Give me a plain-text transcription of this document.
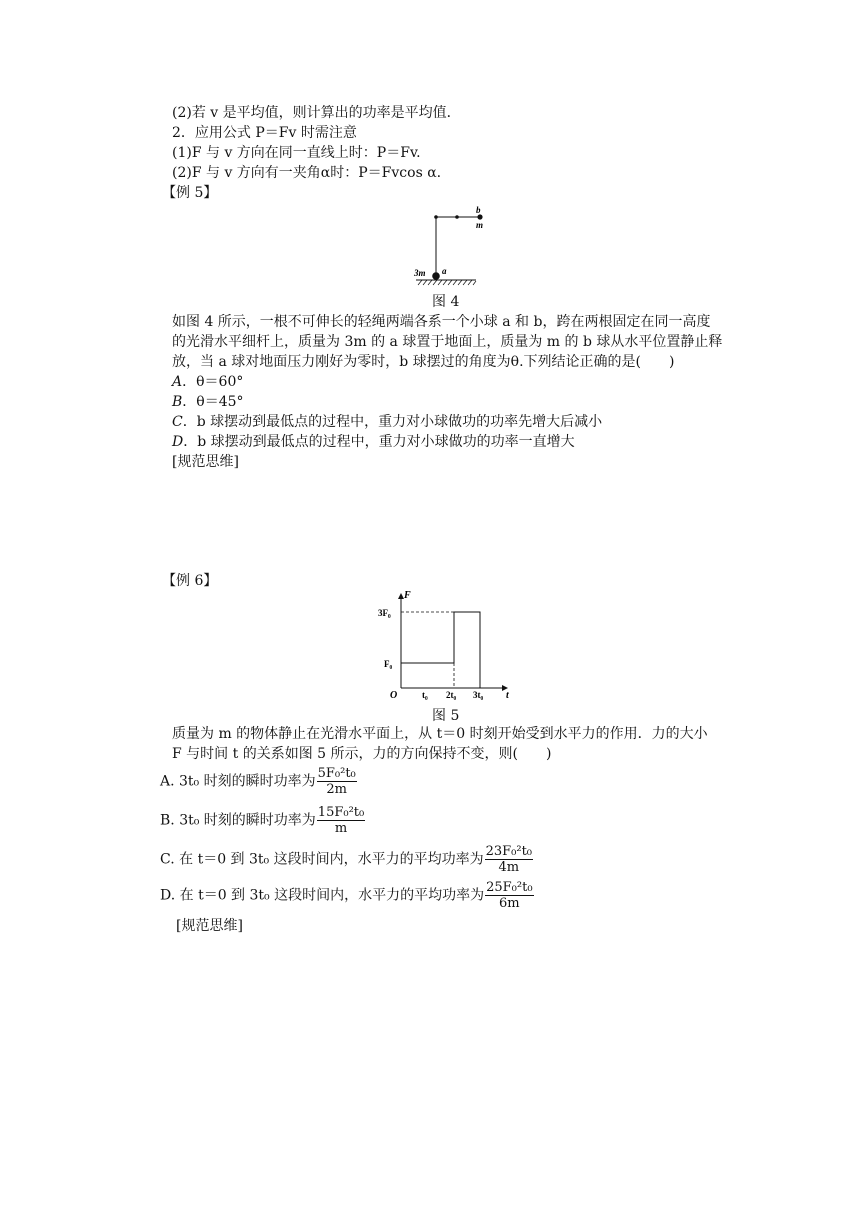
(2)若 v 是平均值，则计算出的功率是平均值．
2．应用公式 P＝Fv 时需注意
(1)F 与 v 方向在同一直线上时：P＝Fv.
(2)F 与 v 方向有一夹角α时：P＝Fvcos α.
【例 5】
b
m
3m a
图 4
如图 4 所示，一根不可伸长的轻绳两端各系一个小球 a 和 b，跨在两根固定在同一高度
的光滑水平细杆上，质量为 3m 的 a 球置于地面上，质量为 m 的 b 球从水平位置静止释
放，当 a 球对地面压力刚好为零时，b 球摆过的角度为θ.下列结论正确的是(　　)
A．θ＝60°
B．θ＝45°
C．b 球摆动到最低点的过程中，重力对小球做功的功率先增大后减小
D．b 球摆动到最低点的过程中，重力对小球做功的功率一直增大
[规范思维]
【例 6】
F
t
O
3F₀
F₀
t₀ 2t₀ 3t₀
图 5
质量为 m 的物体静止在光滑水平面上，从 t＝0 时刻开始受到水平力的作用．力的大小
F 与时间 t 的关系如图 5 所示，力的方向保持不变，则(　　)
A. 3t₀ 时刻的瞬时功率为 $\frac{\text{5F₀²t₀}}{2m}$
B. 3t₀ 时刻的瞬时功率为 $\frac{\text{15F₀²t₀}}{m}$
C. 在 t＝0 到 3t₀ 这段时间内，水平力的平均功率为 $\frac{\text{23F₀²t₀}}{4m}$
D. 在 t＝0 到 3t₀ 这段时间内，水平力的平均功率为 $\frac{\text{25F₀²t₀}}{6m}$
[规范思维]
